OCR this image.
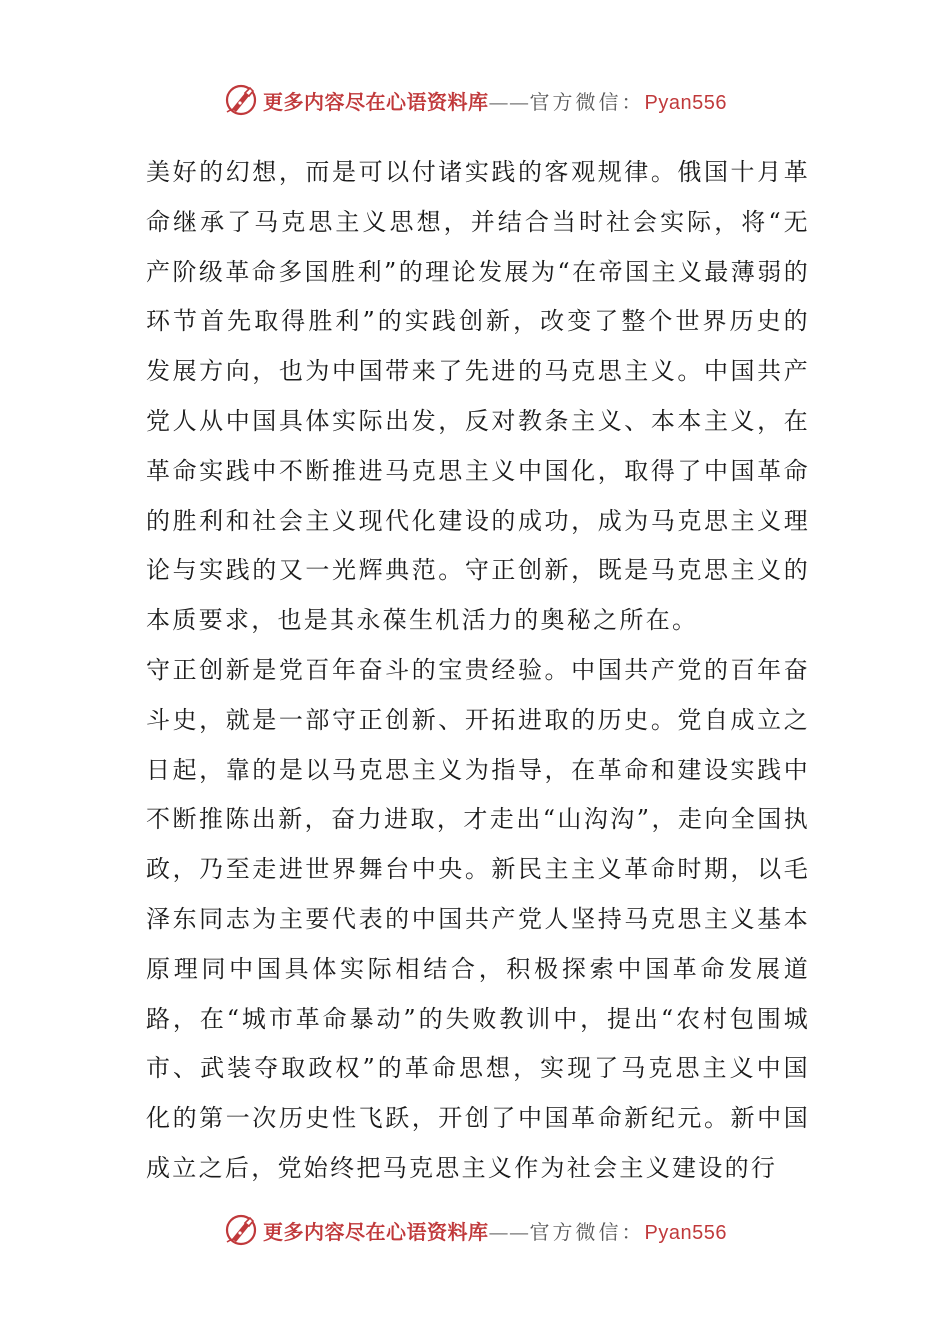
更多内容尽在心语资料库——官方微信：Pyan556

美好的幻想，而是可以付诸实践的客观规律。俄国十月革命继承了马克思主义思想，并结合当时社会实际，将“无产阶级革命多国胜利”的理论发展为“在帝国主义最薄弱的环节首先取得胜利”的实践创新，改变了整个世界历史的发展方向，也为中国带来了先进的马克思主义。中国共产党人从中国具体实际出发，反对教条主义、本本主义，在革命实践中不断推进马克思主义中国化，取得了中国革命的胜利和社会主义现代化建设的成功，成为马克思主义理论与实践的又一光辉典范。守正创新，既是马克思主义的本质要求，也是其永葆生机活力的奥秘之所在。

守正创新是党百年奋斗的宝贵经验。中国共产党的百年奋斗史，就是一部守正创新、开拓进取的历史。党自成立之日起，靠的是以马克思主义为指导，在革命和建设实践中不断推陈出新，奋力进取，才走出“山沟沟”，走向全国执政，乃至走进世界舞台中央。新民主主义革命时期，以毛泽东同志为主要代表的中国共产党人坚持马克思主义基本原理同中国具体实际相结合，积极探索中国革命发展道路，在“城市革命暴动”的失败教训中，提出“农村包围城市、武装夺取政权”的革命思想，实现了马克思主义中国化的第一次历史性飞跃，开创了中国革命新纪元。新中国成立之后，党始终把马克思主义作为社会主义建设的行

更多内容尽在心语资料库——官方微信：Pyan556
